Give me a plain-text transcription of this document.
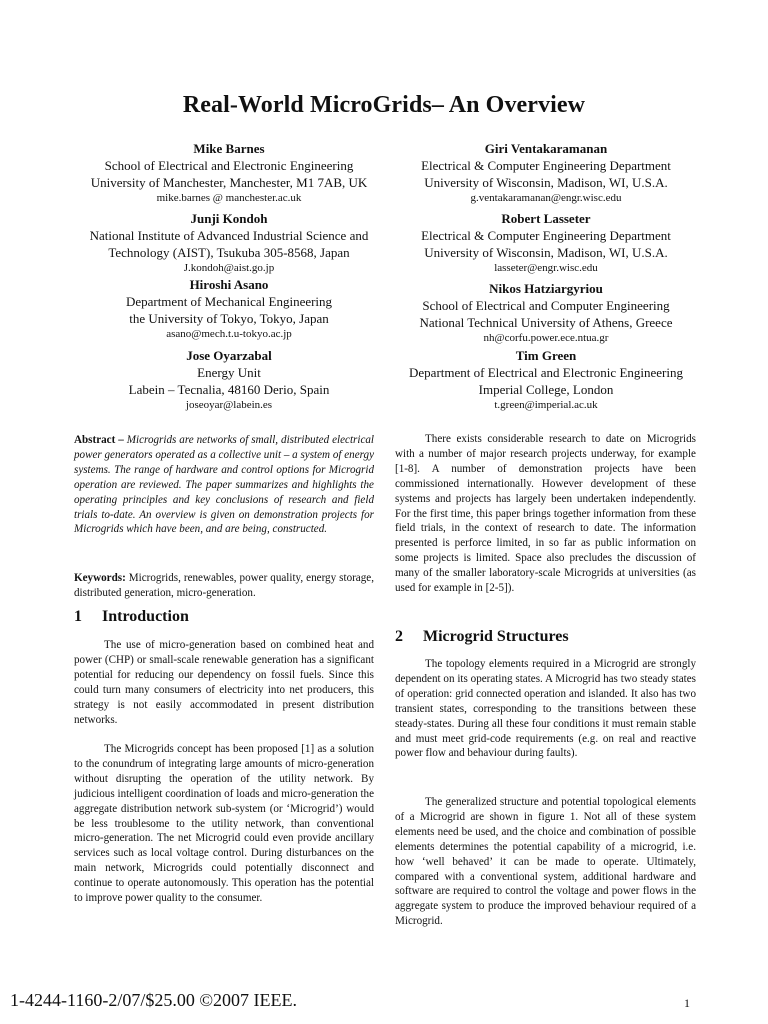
Real-World MicroGrids– An Overview
Mike Barnes
School of Electrical and Electronic Engineering
University of Manchester, Manchester, M1 7AB, UK
mike.barnes @ manchester.ac.uk
Junji Kondoh
National Institute of Advanced Industrial Science and
Technology (AIST), Tsukuba 305-8568, Japan
J.kondoh@aist.go.jp
Hiroshi Asano
Department of Mechanical Engineering
the University of Tokyo, Tokyo, Japan
asano@mech.t.u-tokyo.ac.jp
Jose Oyarzabal
Energy Unit
Labein – Tecnalia, 48160 Derio, Spain
joseoyar@labein.es
Giri Ventakaramanan
Electrical & Computer Engineering Department
University of Wisconsin, Madison, WI, U.S.A.
g.ventakaramanan@engr.wisc.edu
Robert Lasseter
Electrical & Computer Engineering Department
University of Wisconsin, Madison, WI, U.S.A.
lasseter@engr.wisc.edu
Nikos Hatziargyriou
School of Electrical and Computer Engineering
National Technical University of Athens, Greece
nh@corfu.power.ece.ntua.gr
Tim Green
Department of Electrical and Electronic Engineering
Imperial College, London
t.green@imperial.ac.uk
Abstract – Microgrids are networks of small, distributed electrical power generators operated as a collective unit – a system of energy systems. The range of hardware and control options for Microgrid operation are reviewed. The paper summarizes and highlights the operating principles and key conclusions of research and field trials to-date. An overview is given on demonstration projects for Microgrids which have been, and are being, constructed.
Keywords: Microgrids, renewables, power quality, energy storage, distributed generation, micro-generation.
1 Introduction
The use of micro-generation based on combined heat and power (CHP) or small-scale renewable generation has a significant potential for reducing our dependency on fossil fuels. Since this could turn many consumers of electricity into net producers, this strategy is not easily accommodated in present distribution networks.
The Microgrids concept has been proposed [1] as a solution to the conundrum of integrating large amounts of micro-generation without disrupting the operation of the utility network. By judicious intelligent coordination of loads and micro-generation the aggregate distribution network sub-system (or ‘Microgrid’) would be less troublesome to the utility network, than conventional micro-generation. The net Microgrid could even provide ancillary services such as local voltage control. During disturbances on the main network, Microgrids could potentially disconnect and continue to operate autonomously. This operation has the potential to improve power quality to the consumer.
There exists considerable research to date on Microgrids with a number of major research projects underway, for example [1-8]. A number of demonstration projects have been commissioned internationally. However development of these systems and projects has largely been undertaken independently. For the first time, this paper brings together information from these field trials, in the context of research to date. The information presented is perforce limited, in so far as public information on some projects is limited. Space also precludes the discussion of many of the smaller laboratory-scale Microgrids at universities (as used for example in [2-5]).
2 Microgrid Structures
The topology elements required in a Microgrid are strongly dependent on its operating states. A Microgrid has two steady states of operation: grid connected operation and islanded. It also has two transient states, corresponding to the transitions between these steady-states. During all these four conditions it must remain stable and must meet grid-code requirements (e.g. on real and reactive power flow and behaviour during faults).
The generalized structure and potential topological elements of a Microgrid are shown in figure 1. Not all of these system elements need be used, and the choice and combination of possible elements determines the potential capability of a microgrid, i.e. how ‘well behaved’ it can be made to operate. Ultimately, compared with a conventional system, additional hardware and software are required to control the voltage and power flows in the aggregate system to produce the improved behaviour required of a Microgrid.
1-4244-1160-2/07/$25.00 ©2007 IEEE.	1
